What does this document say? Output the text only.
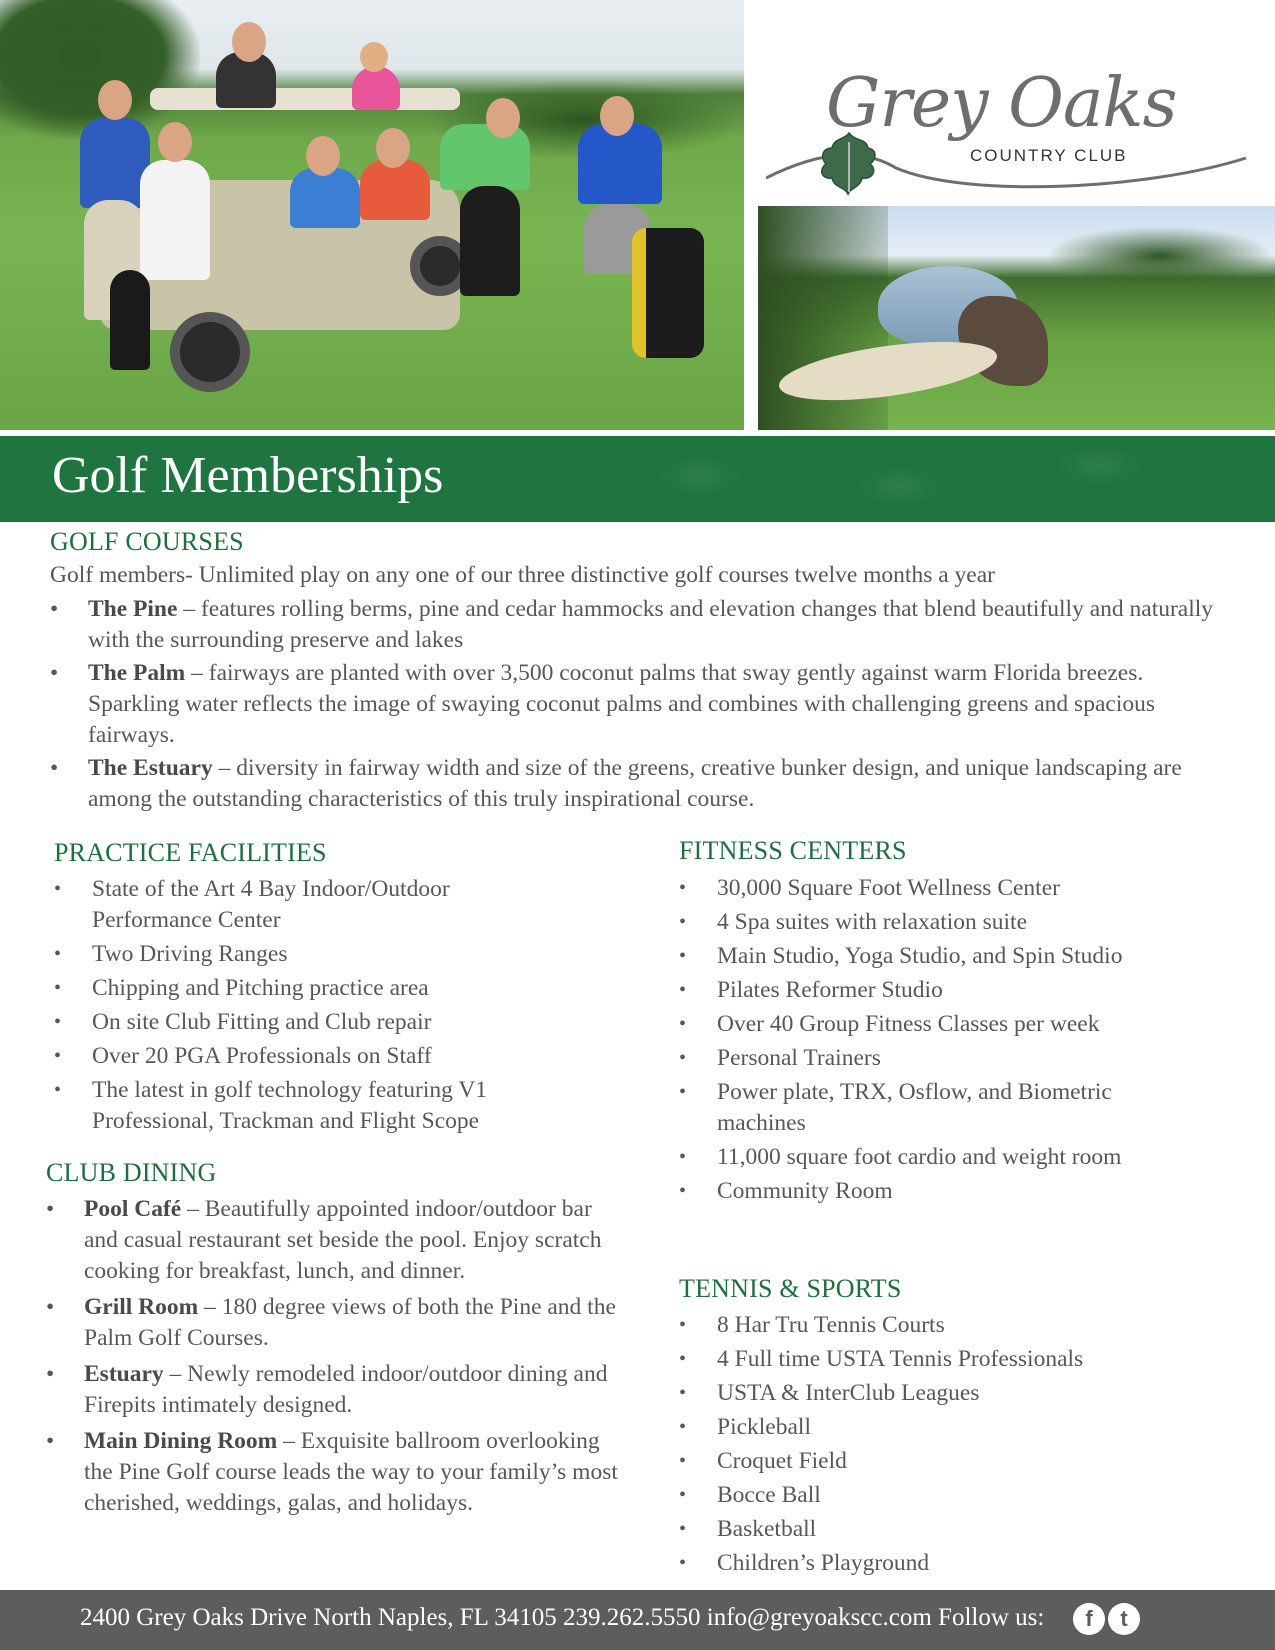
Grey Oaks
COUNTRY CLUB
Golf Memberships
GOLF COURSES
Golf members- Unlimited play on any one of our three distinctive golf courses twelve months a year
• The Pine – features rolling berms, pine and cedar hammocks and elevation changes that blend beautifully and naturally with the surrounding preserve and lakes
• The Palm – fairways are planted with over 3,500 coconut palms that sway gently against warm Florida breezes. Sparkling water reflects the image of swaying coconut palms and combines with challenging greens and spacious fairways.
• The Estuary – diversity in fairway width and size of the greens, creative bunker design, and unique landscaping are among the outstanding characteristics of this truly inspirational course.
PRACTICE FACILITIES
• State of the Art 4 Bay Indoor/Outdoor Performance Center
• Two Driving Ranges
• Chipping and Pitching practice area
• On site Club Fitting and Club repair
• Over 20 PGA Professionals on Staff
• The latest in golf technology featuring V1 Professional, Trackman and Flight Scope
CLUB DINING
• Pool Café – Beautifully appointed indoor/outdoor bar and casual restaurant set beside the pool. Enjoy scratch cooking for breakfast, lunch, and dinner.
• Grill Room – 180 degree views of both the Pine and the Palm Golf Courses.
• Estuary – Newly remodeled indoor/outdoor dining and Firepits intimately designed.
• Main Dining Room – Exquisite ballroom overlooking the Pine Golf course leads the way to your family’s most cherished, weddings, galas, and holidays.
FITNESS CENTERS
• 30,000 Square Foot Wellness Center
• 4 Spa suites with relaxation suite
• Main Studio, Yoga Studio, and Spin Studio
• Pilates Reformer Studio
• Over 40 Group Fitness Classes per week
• Personal Trainers
• Power plate, TRX, Osflow, and Biometric machines
• 11,000 square foot cardio and weight room
• Community Room
TENNIS & SPORTS
• 8 Har Tru Tennis Courts
• 4 Full time USTA Tennis Professionals
• USTA & InterClub Leagues
• Pickleball
• Croquet Field
• Bocce Ball
• Basketball
• Children’s Playground
2400 Grey Oaks Drive North Naples, FL 34105 239.262.5550 info@greyoakscc.com Follow us:	f	t
